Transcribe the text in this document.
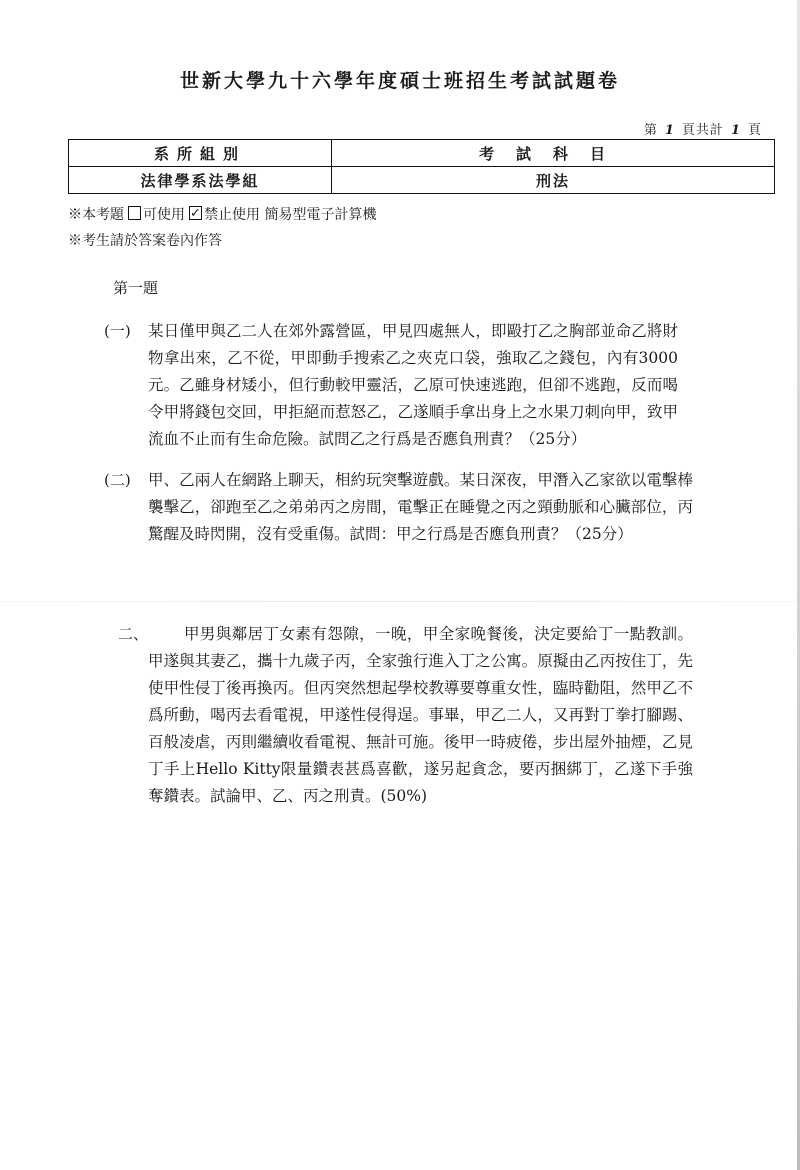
世新大學九十六學年度碩士班招生考試試題卷
第 1 頁共計 1 頁
系所組別	考試科目
法律學系法學組	刑法
※本考題 可使用 ✓ 禁止使用 簡易型電子計算機
※考生請於答案卷內作答
第一題
(一) 某日僅甲與乙二人在郊外露營區，甲見四處無人，即毆打乙之胸部並命乙將財物拿出來，乙不從，甲即動手搜索乙之夾克口袋，強取乙之錢包，內有3000元。乙雖身材矮小，但行動較甲靈活，乙原可快速逃跑，但卻不逃跑，反而喝令甲將錢包交回，甲拒絕而惹怒乙，乙遂順手拿出身上之水果刀刺向甲，致甲流血不止而有生命危險。試問乙之行爲是否應負刑責？（25分）
(二) 甲、乙兩人在網路上聊天，相約玩突擊遊戲。某日深夜，甲潛入乙家欲以電擊棒襲擊乙，卻跑至乙之弟弟丙之房間，電擊正在睡覺之丙之頸動脈和心臟部位，丙驚醒及時閃開，沒有受重傷。試問：甲之行爲是否應負刑責？（25分）
二、	甲男與鄰居丁女素有怨隙，一晚，甲全家晚餐後，決定要給丁一點教訓。甲遂與其妻乙，攜十九歲子丙，全家強行進入丁之公寓。原擬由乙丙按住丁，先使甲性侵丁後再換丙。但丙突然想起學校教導要尊重女性，臨時勸阻，然甲乙不爲所動，喝丙去看電視，甲遂性侵得逞。事畢，甲乙二人，又再對丁拳打腳踢、百般凌虐，丙則繼續收看電視、無計可施。後甲一時疲倦，步出屋外抽煙，乙見丁手上Hello Kitty限量鑽表甚爲喜歡，遂另起貪念，要丙捆綁丁，乙遂下手強奪鑽表。試論甲、乙、丙之刑責。(50%)
